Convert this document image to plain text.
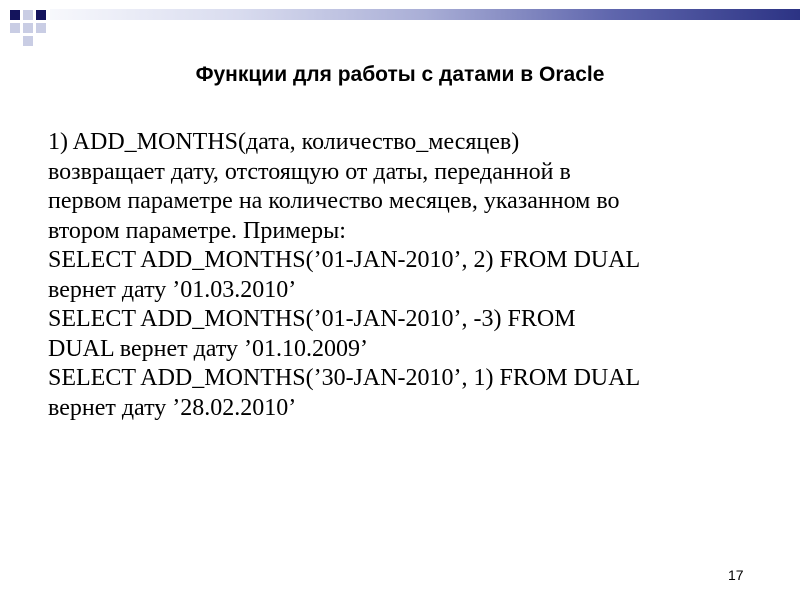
Функции для работы с датами в Oracle
1) ADD_MONTHS(дата, количество_месяцев)
возвращает дату, отстоящую от даты, переданной в
первом параметре на количество месяцев, указанном во
втором параметре. Примеры:
SELECT ADD_MONTHS(’01-JAN-2010’, 2) FROM DUAL
вернет дату ’01.03.2010’
SELECT ADD_MONTHS(’01-JAN-2010’, -3) FROM
DUAL вернет дату ’01.10.2009’
SELECT ADD_MONTHS(’30-JAN-2010’, 1) FROM DUAL
вернет дату ’28.02.2010’
17
